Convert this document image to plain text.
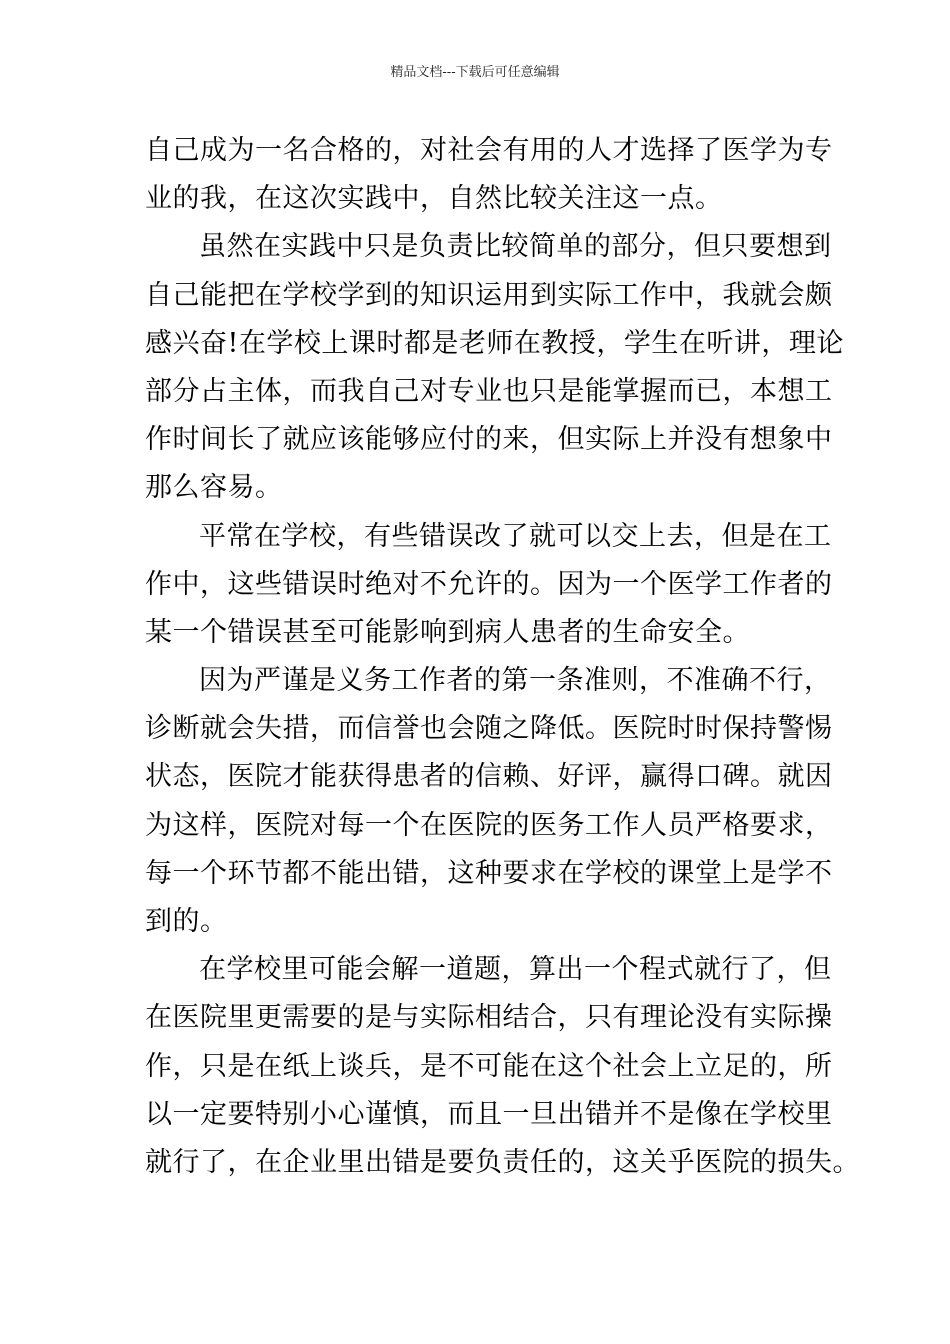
精品文档---下载后可任意编辑
自己成为一名合格的，对社会有用的人才选择了医学为专
业的我，在这次实践中，自然比较关注这一点。
虽然在实践中只是负责比较简单的部分，但只要想到
自己能把在学校学到的知识运用到实际工作中，我就会颇
感兴奋!在学校上课时都是老师在教授，学生在听讲，理论
部分占主体，而我自己对专业也只是能掌握而已，本想工
作时间长了就应该能够应付的来，但实际上并没有想象中
那么容易。
平常在学校，有些错误改了就可以交上去，但是在工
作中，这些错误时绝对不允许的。因为一个医学工作者的
某一个错误甚至可能影响到病人患者的生命安全。
因为严谨是义务工作者的第一条准则，不准确不行，
诊断就会失措，而信誉也会随之降低。医院时时保持警惕
状态，医院才能获得患者的信赖、好评，赢得口碑。就因
为这样，医院对每一个在医院的医务工作人员严格要求，
每一个环节都不能出错，这种要求在学校的课堂上是学不
到的。
在学校里可能会解一道题，算出一个程式就行了，但
在医院里更需要的是与实际相结合，只有理论没有实际操
作，只是在纸上谈兵，是不可能在这个社会上立足的，所
以一定要特别小心谨慎，而且一旦出错并不是像在学校里
就行了，在企业里出错是要负责任的，这关乎医院的损失。
